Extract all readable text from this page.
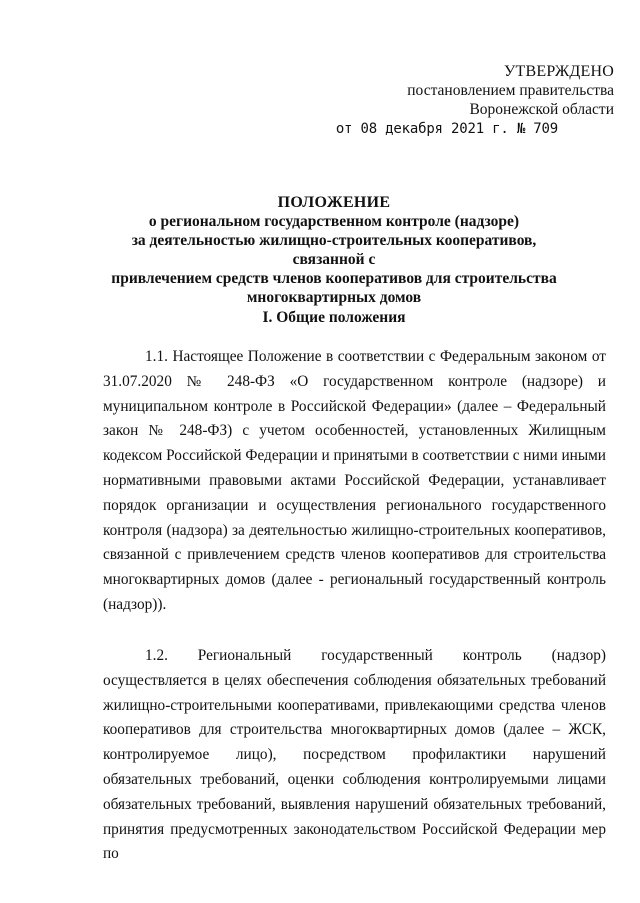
УТВЕРЖДЕНО
постановлением правительства
Воронежской области
от 08 декабря 2021 г. № 709
ПОЛОЖЕНИЕ
о региональном государственном контроле (надзоре)
за деятельностью жилищно-строительных кооперативов, связанной с
привлечением средств членов кооперативов для строительства
многоквартирных домов
I. Общие положения
1.1. Настоящее Положение в соответствии с Федеральным законом от 31.07.2020 № 248-ФЗ «О государственном контроле (надзоре) и муниципальном контроле в Российской Федерации» (далее – Федеральный закон № 248-ФЗ) с учетом особенностей, установленных Жилищным кодексом Российской Федерации и принятыми в соответствии с ними иными нормативными правовыми актами Российской Федерации, устанавливает порядок организации и осуществления регионального государственного контроля (надзора) за деятельностью жилищно-строительных кооперативов, связанной с привлечением средств членов кооперативов для строительства многоквартирных домов (далее - региональный государственный контроль (надзор)).
1.2. Региональный государственный контроль (надзор) осуществляется в целях обеспечения соблюдения обязательных требований жилищно-строительными кооперативами, привлекающими средства членов кооперативов для строительства многоквартирных домов (далее – ЖСК, контролируемое лицо), посредством профилактики нарушений обязательных требований, оценки соблюдения контролируемыми лицами обязательных требований, выявления нарушений обязательных требований, принятия предусмотренных законодательством Российской Федерации мер по
